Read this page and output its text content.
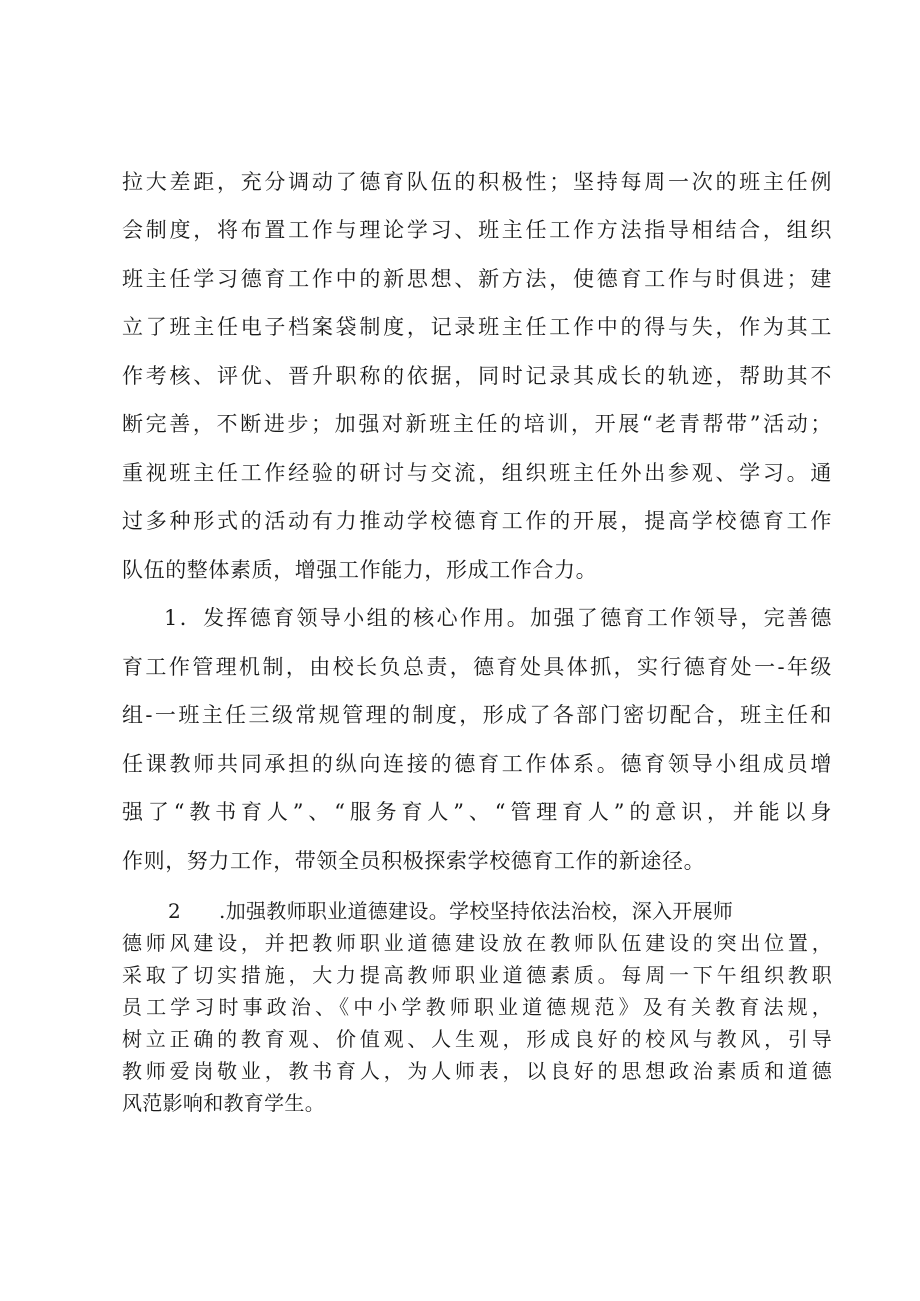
拉大差距，充分调动了德育队伍的积极性；坚持每周一次的班主任例
会制度，将布置工作与理论学习、班主任工作方法指导相结合，组织
班主任学习德育工作中的新思想、新方法，使德育工作与时俱进；建
立了班主任电子档案袋制度，记录班主任工作中的得与失，作为其工
作考核、评优、晋升职称的依据，同时记录其成长的轨迹，帮助其不
断完善，不断进步；加强对新班主任的培训，开展“老青帮带”活动；
重视班主任工作经验的研讨与交流，组织班主任外出参观、学习。通
过多种形式的活动有力推动学校德育工作的开展，提高学校德育工作
队伍的整体素质，增强工作能力，形成工作合力。
1．发挥德育领导小组的核心作用。加强了德育工作领导，完善德
育工作管理机制，由校长负总责，德育处具体抓，实行德育处一-年级
组-一班主任三级常规管理的制度，形成了各部门密切配合，班主任和
任课教师共同承担的纵向连接的德育工作体系。德育领导小组成员增
强了“教书育人”、“服务育人”、“管理育人”的意识，并能以身
作则，努力工作，带领全员积极探索学校德育工作的新途径。
2 .加强教师职业道德建设。学校坚持依法治校，深入开展师
德师风建设，并把教师职业道德建设放在教师队伍建设的突出位置，
采取了切实措施，大力提高教师职业道德素质。每周一下午组织教职
员工学习时事政治、《中小学教师职业道德规范》及有关教育法规，
树立正确的教育观、价值观、人生观，形成良好的校风与教风，引导
教师爱岗敬业，教书育人，为人师表，以良好的思想政治素质和道德
风范影响和教育学生。
